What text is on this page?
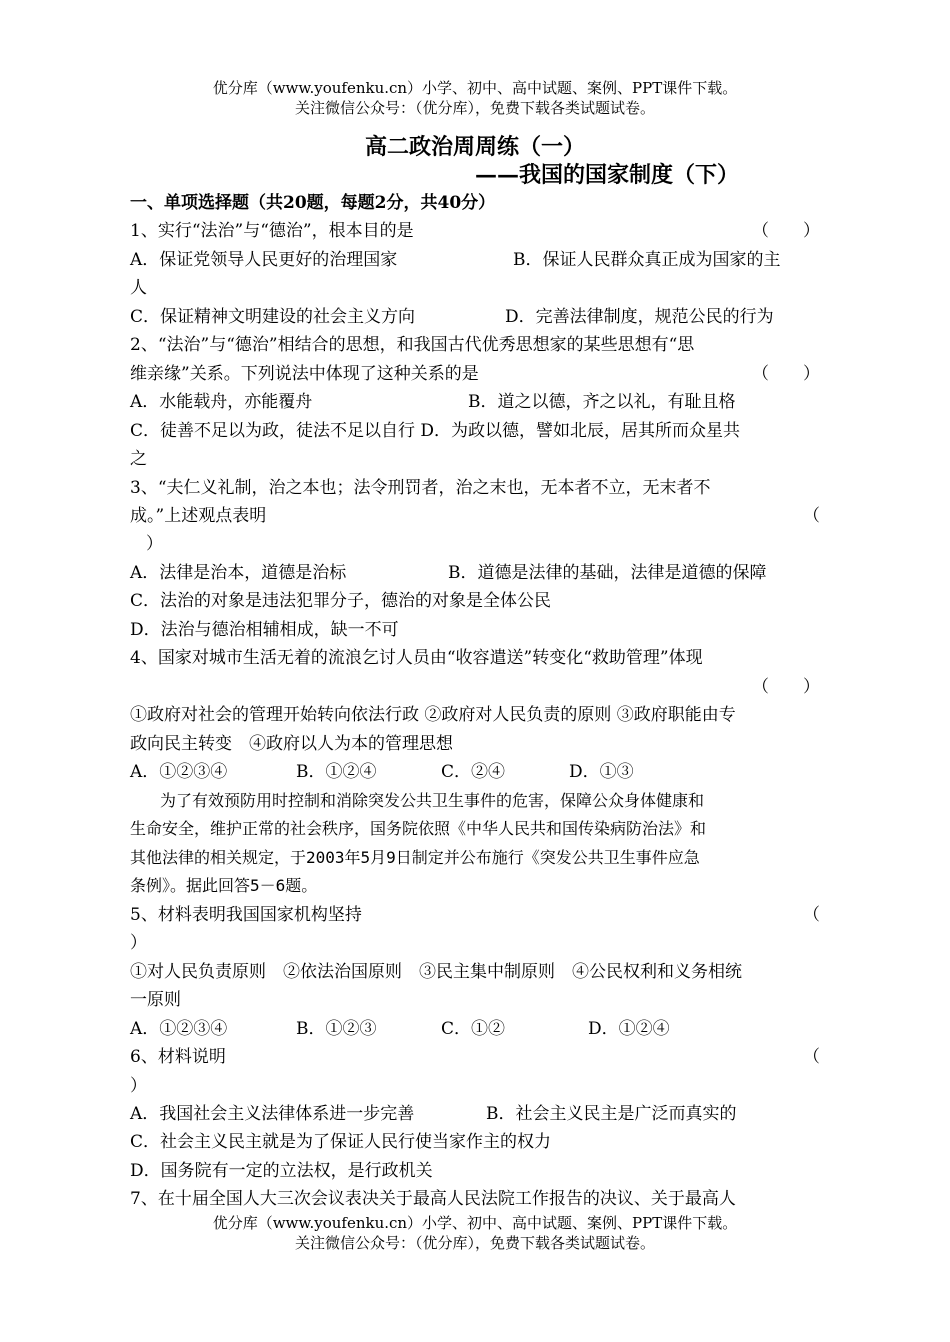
优分库（www.youfenku.cn）小学、初中、高中试题、案例、PPT课件下载。
关注微信公众号：（优分库），免费下载各类试题试卷。
高二政治周周练（一）
——我国的国家制度（下）
一、单项选择题（共20题，每题2分，共40分）
1、实行“法治”与“德治”，根本目的是	（　　）
A．保证党领导人民更好的治理国家	B．保证人民群众真正成为国家的主
人
C．保证精神文明建设的社会主义方向	D．完善法律制度，规范公民的行为
2、“法治”与“德治”相结合的思想，和我国古代优秀思想家的某些思想有“思
维亲缘”关系。下列说法中体现了这种关系的是	（　　）
A．水能载舟，亦能覆舟	B．道之以德，齐之以礼，有耻且格
C．徒善不足以为政，徒法不足以自行 D．为政以德，譬如北辰，居其所而众星共
之
3、“夫仁义礼制，治之本也；法令刑罚者，治之末也，无本者不立，无末者不
成。”上述观点表明	（
）
A．法律是治本，道德是治标	B．道德是法律的基础，法律是道德的保障
C．法治的对象是违法犯罪分子，德治的对象是全体公民
D．法治与德治相辅相成，缺一不可
4、国家对城市生活无着的流浪乞讨人员由“收容遣送”转变化“救助管理”体现
（　　）
①政府对社会的管理开始转向依法行政 ②政府对人民负责的原则 ③政府职能由专
政向民主转变　④政府以人为本的管理思想
A．①②③④	B．①②④	C．②④	D．①③
为了有效预防用时控制和消除突发公共卫生事件的危害，保障公众身体健康和
生命安全，维护正常的社会秩序，国务院依照《中华人民共和国传染病防治法》和
其他法律的相关规定，于2003年5月9日制定并公布施行《突发公共卫生事件应急
条例》。据此回答5－6题。
5、材料表明我国国家机构坚持	（
）
①对人民负责原则　②依法治国原则　③民主集中制原则　④公民权利和义务相统
一原则
A．①②③④	B．①②③	C．①②	D．①②④
6、材料说明	（
）
A．我国社会主义法律体系进一步完善	B．社会主义民主是广泛而真实的
C．社会主义民主就是为了保证人民行使当家作主的权力
D．国务院有一定的立法权，是行政机关
7、在十届全国人大三次会议表决关于最高人民法院工作报告的决议、关于最高人
优分库（www.youfenku.cn）小学、初中、高中试题、案例、PPT课件下载。
关注微信公众号：（优分库），免费下载各类试题试卷。
